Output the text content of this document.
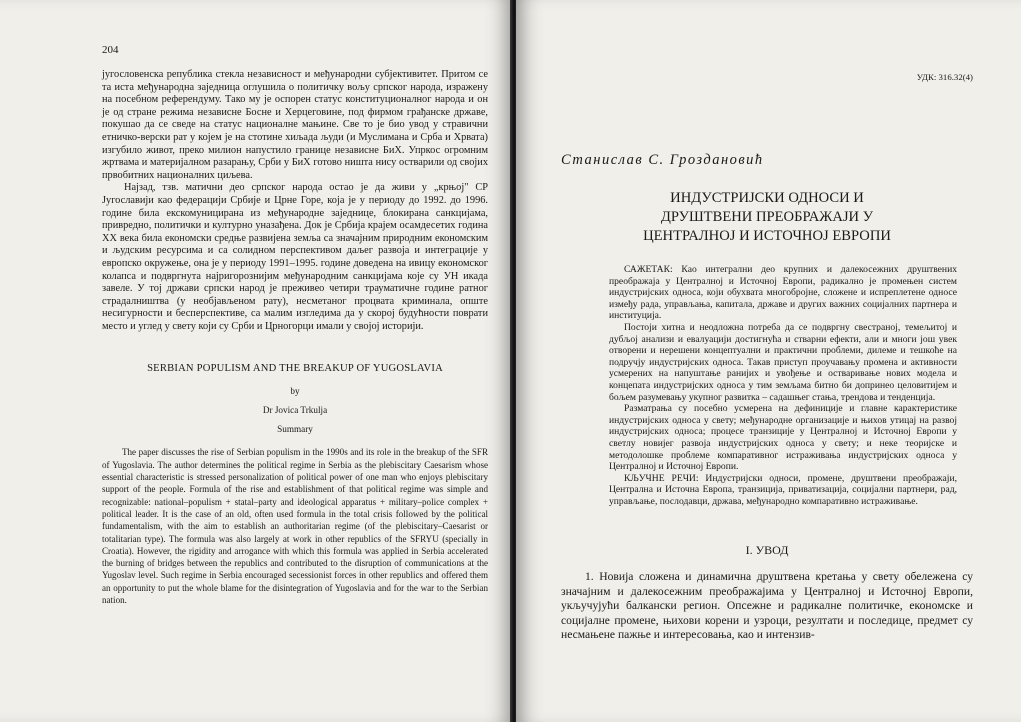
204

југословенска република стекла независност и међународни субјективитет. Притом се та иста међународна заједница оглушила о политичку вољу српског народа, изражену на посебном референдуму. Тако му је оспорен статус конституционалног народа и он је од стране режима независне Босне и Херцеговине, под фирмом грађанске државе, покушао да се сведе на статус националне мањине. Све то је био увод у стравични етничко-верски рат у којем је на стотине хиљада људи (и Муслимана и Срба и Хрвата) изгубило живот, преко милион напустило границе независне БиХ. Упркос огромним жртвама и материјалном разарању, Срби у БиХ готово ништа нису остварили од својих првобитних националних циљева.

Најзад, тзв. матични део српског народа остао је да живи у „крњој" СР Југославији као федерацији Србије и Црне Горе, која је у периоду до 1992. до 1996. године била екскомуницирана из међународне заједнице, блокирана санкцијама, привредно, политички и културно уназађена. Док је Србија крајем осамдесетих година XX века била економски средње развијена земља са значајним природним економским и људским ресурсима и са солидном перспективом даљег развоја и интеграције у европско окружење, она је у периоду 1991–1995. године доведена на ивицу економског колапса и подвргнута најригорознијим међународним санкцијама које су УН икада завеле. У тој држави српски народ је преживео четири трауматичне године ратног страдалништва (у необјављеном рату), несметаног процвата криминала, опште несигурности и бесперспективе, са малим изгледима да у скорој будућности поврати место и углед у свету који су Срби и Црногорци имали у својој историји.

SERBIAN POPULISM AND THE BREAKUP OF YUGOSLAVIA

by

Dr Jovica Trkulja

Summary

The paper discusses the rise of Serbian populism in the 1990s and its role in the breakup of the SFR of Yugoslavia. The author determines the political regime in Serbia as the plebiscitary Caesarism whose essential characteristic is stressed personalization of political power of one man who enjoys plebiscitary support of the people. Formula of the rise and establishment of that political regime was simple and recognizable: national–populism + statal–party and ideological apparatus + military–police complex + political leader. It is the case of an old, often used formula in the total crisis followed by the political fundamentalism, with the aim to establish an authoritarian regime (of the plebiscitary–Caesarist or totalitarian type). The formula was also largely at work in other republics of the SFRYU (specially in Croatia). However, the rigidity and arrogance with which this formula was applied in Serbia accelerated the burning of bridges between the republics and contributed to the disruption of communications at the Yugoslav level. Such regime in Serbia encouraged secessionist forces in other republics and offered them an opportunity to put the whole blame for the disintegration of Yugoslavia and for the war to the Serbian nation.

УДК: 316.32(4)

Станислав С. Гроздановић

ИНДУСТРИЈСКИ ОДНОСИ И
ДРУШТВЕНИ ПРЕОБРАЖАЈИ У
ЦЕНТРАЛНОЈ И ИСТОЧНОЈ ЕВРОПИ

САЖЕТАК: Као интегрални део крупних и далекосежних друштвених преображаја у Централној и Источној Европи, радикално је промењен систем индустријских односа, који обухвата многобројне, сложене и испреплетене односе између рада, управљања, капитала, државе и других важних социјалних партнера и институција.

Постоји хитна и неодложна потреба да се подвргну свестраној, темељитој и дубљој анализи и евалуацији достигнућа и стварни ефекти, али и многи још увек отворени и нерешени концептуални и практични проблеми, дилеме и тешкоће на подручју индустријских односа. Такав приступ проучавању промена и активности усмерених на напуштање ранијих и увођење и остваривање нових модела и концепата индустријских односа у тим земљама битно би допринео целовитијем и бољем разумевању укупног развитка – садашњег стања, трендова и тенденција.

Разматрања су посебно усмерена на дефиниције и главне карактеристике индустријских односа у свету; међународне организације и њихов утицај на развој индустријских односа; процесе транзиције у Централној и Источној Европи у светлу новијег развоја индустријских односа у свету; и неке теоријске и методолошке проблеме компаративног истраживања индустријских односа у Централној и Источној Европи.

КЉУЧНЕ РЕЧИ: Индустријски односи, промене, друштвени преображаји, Централна и Источна Европа, транзиција, приватизација, социјални партнери, рад, управљање, послодавци, држава, међународно компаративно истраживање.

I. УВОД

1. Новија сложена и динамична друштвена кретања у свету обележена су значајним и далекосежним преображајима у Централној и Источној Европи, укључујући балкански регион. Опсежне и радикалне политичке, економске и социјалне промене, њихови корени и узроци, резултати и последице, предмет су несмањене пажње и интересовања, као и интензив-
